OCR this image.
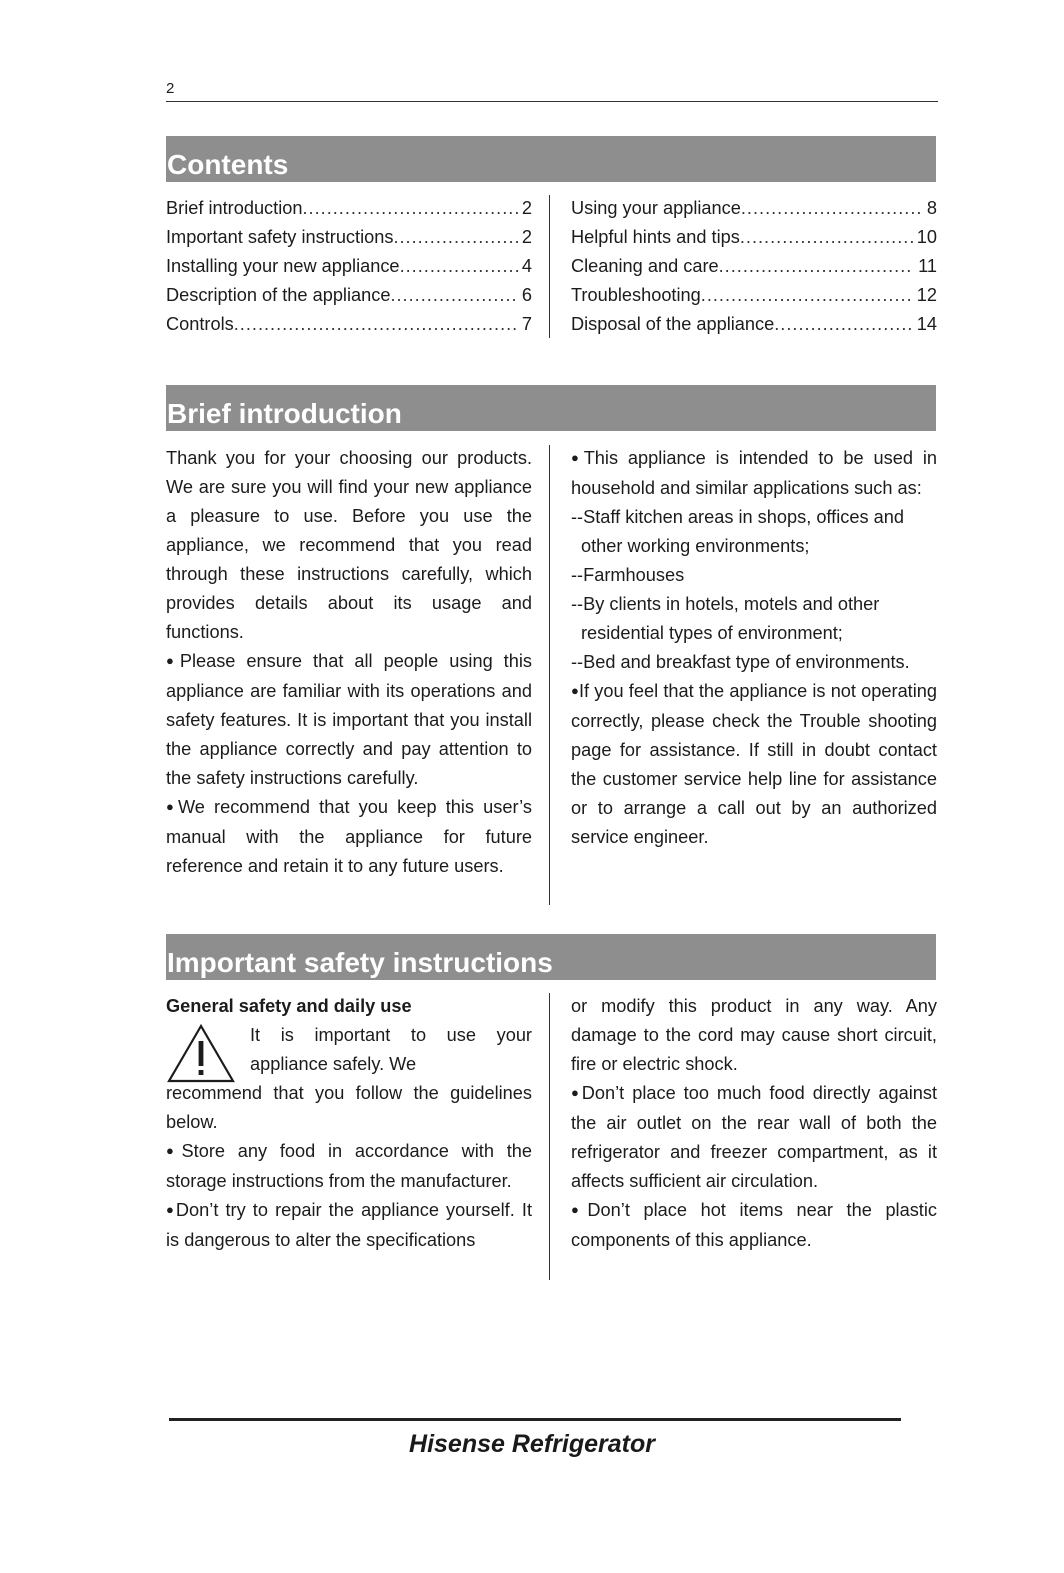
2
Contents
Brief introduction .....	2
Important safety instructions .....	2
Installing your new appliance .....	4
Description of the appliance .....	6
Controls .....	7
Using your appliance .....	8
Helpful hints and tips .....	10
Cleaning and care .....	11
Troubleshooting .....	12
Disposal of the appliance .....	14
Brief introduction

Thank you for your choosing our products. We are sure you will find your new appliance a pleasure to use. Before you use the appliance, we recommend that you read through these instructions carefully, which provides details about its usage and functions.

●Please ensure that all people using this appliance are familiar with its operations and safety features. It is important that you install the appliance correctly and pay attention to the safety instructions carefully.

●We recommend that you keep this user’s manual with the appliance for future reference and retain it to any future users.

●This appliance is intended to be used in household and similar applications such as:

--Staff kitchen areas in shops, offices and

other working environments;

--Farmhouses

--By clients in hotels, motels and other

residential types of environment;

--Bed and breakfast type of environments.

●If you feel that the appliance is not operating correctly, please check the Trouble shooting page for assistance. If still in doubt contact the customer service help line for assistance or to arrange a call out by an authorized service engineer.

Important safety instructions

General safety and daily use

It is important to use your appliance safely. We

recommend that you follow the guidelines below.

●Store any food in accordance with the storage instructions from the manufacturer.

●Don’t try to repair the appliance yourself. It is dangerous to alter the specifications

or modify this product in any way. Any damage to the cord may cause short circuit, fire or electric shock.

●Don’t place too much food directly against the air outlet on the rear wall of both the refrigerator and freezer compartment, as it affects sufficient air circulation.

●Don’t place hot items near the plastic components of this appliance.

Hisense Refrigerator
